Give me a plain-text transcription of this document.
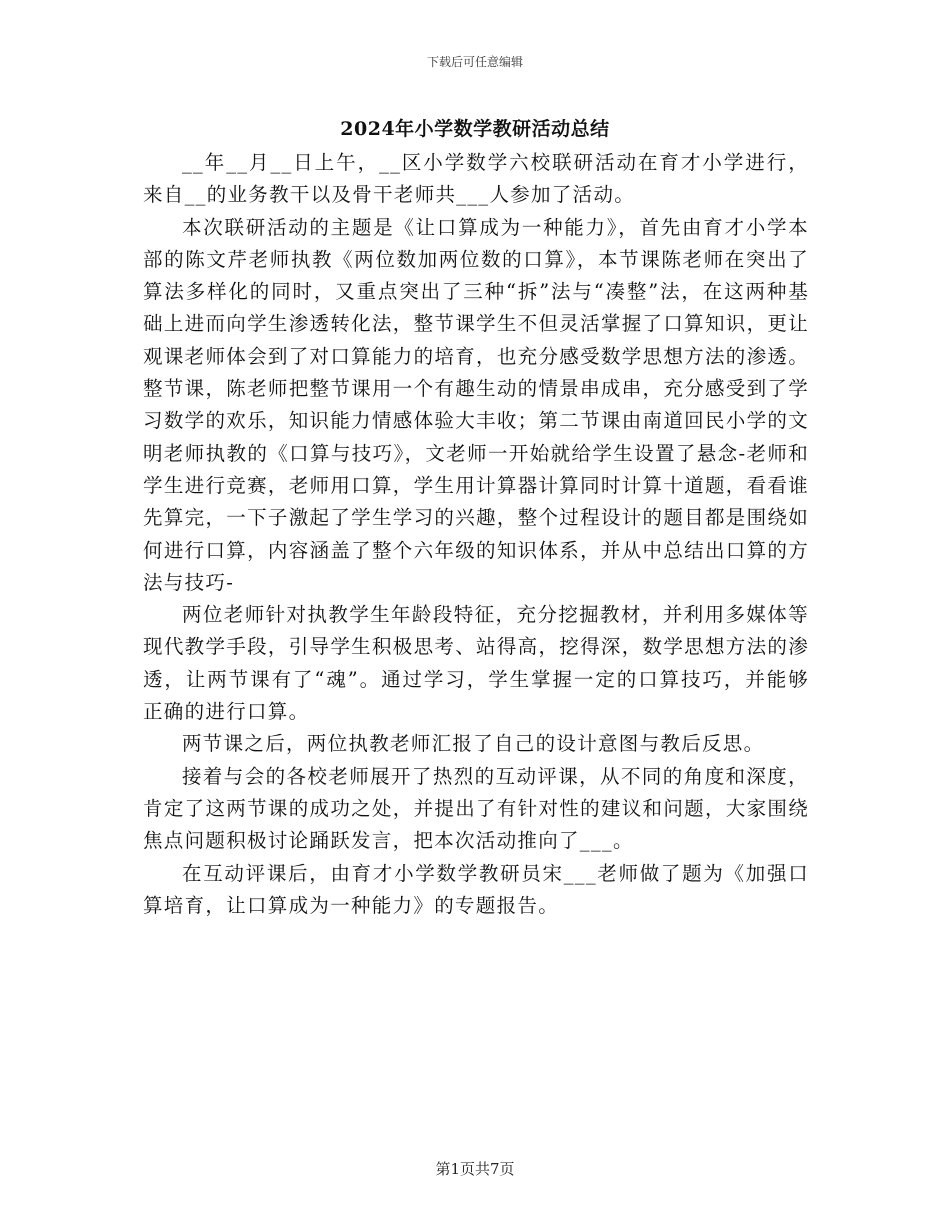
下载后可任意编辑
2024年小学数学教研活动总结

__年__月__日上午，__区小学数学六校联研活动在育才小学进行，来自__的业务教干以及骨干老师共___人参加了活动。

本次联研活动的主题是《让口算成为一种能力》，首先由育才小学本部的陈文芹老师执教《两位数加两位数的口算》，本节课陈老师在突出了算法多样化的同时，又重点突出了三种“拆”法与“凑整”法，在这两种基础上进而向学生渗透转化法，整节课学生不但灵活掌握了口算知识，更让观课老师体会到了对口算能力的培育，也充分感受数学思想方法的渗透。整节课，陈老师把整节课用一个有趣生动的情景串成串，充分感受到了学习数学的欢乐，知识能力情感体验大丰收；第二节课由南道回民小学的文明老师执教的《口算与技巧》，文老师一开始就给学生设置了悬念-老师和学生进行竞赛，老师用口算，学生用计算器计算同时计算十道题，看看谁先算完，一下子激起了学生学习的兴趣，整个过程设计的题目都是围绕如何进行口算，内容涵盖了整个六年级的知识体系，并从中总结出口算的方法与技巧-

两位老师针对执教学生年龄段特征，充分挖掘教材，并利用多媒体等现代教学手段，引导学生积极思考、站得高，挖得深，数学思想方法的渗透，让两节课有了“魂”。通过学习，学生掌握一定的口算技巧，并能够正确的进行口算。

两节课之后，两位执教老师汇报了自己的设计意图与教后反思。

接着与会的各校老师展开了热烈的互动评课，从不同的角度和深度，肯定了这两节课的成功之处，并提出了有针对性的建议和问题，大家围绕焦点问题积极讨论踊跃发言，把本次活动推向了___。

在互动评课后，由育才小学数学教研员宋___老师做了题为《加强口算培育，让口算成为一种能力》的专题报告。

第1页共7页
